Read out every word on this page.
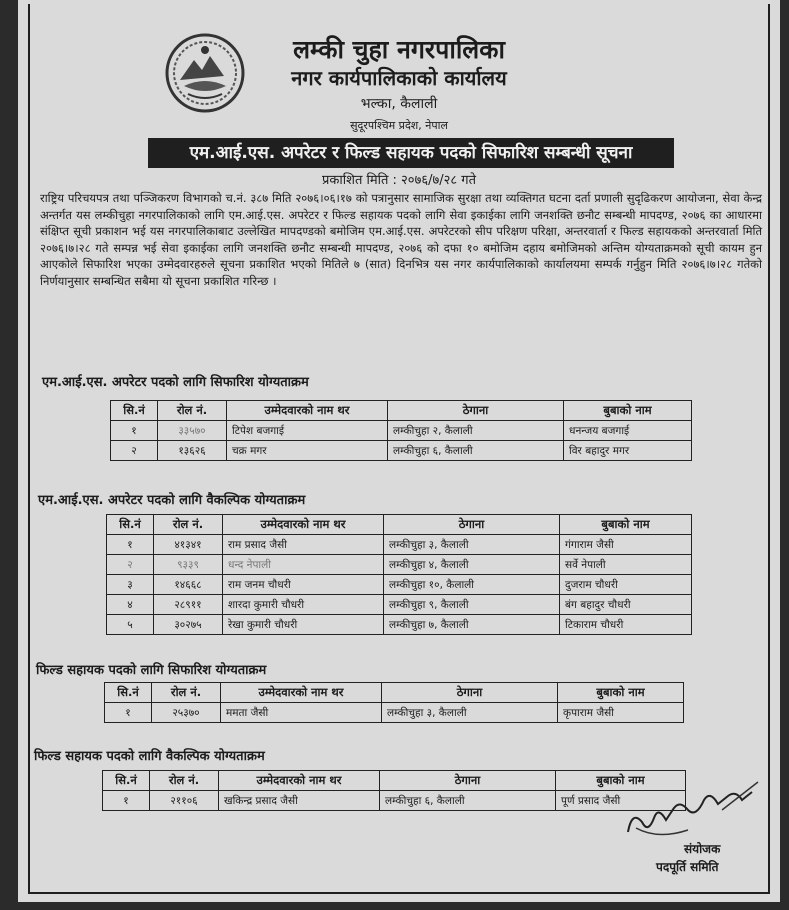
लम्की चुहा नगरपालिका
नगर कार्यपालिकाको कार्यालय
भल्का, कैलाली
सुदूरपश्चिम प्रदेश, नेपाल
एम.आई.एस. अपरेटर र फिल्ड सहायक पदको सिफारिश सम्बन्धी सूचना
प्रकाशित मिति : २०७६/७/२८ गते
राष्ट्रिय परिचयपत्र तथा पञ्जिकरण विभागको च.नं. ३८७ मिति २०७६।०६।१७ को पत्रानुसार सामाजिक सुरक्षा तथा व्यक्तिगत घटना दर्ता प्रणाली सुदृढिकरण आयोजना, सेवा केन्द्र अन्तर्गत यस लम्कीचुहा नगरपालिकाको लागि एम.आई.एस. अपरेटर र फिल्ड सहायक पदको लागि सेवा इकाईका लागि जनशक्ति छनौट सम्बन्धी मापदण्ड, २०७६ का आधारमा संक्षिप्त सूची प्रकाशन भई यस नगरपालिकाबाट उल्लेखित मापदण्डको बमोजिम एम.आई.एस. अपरेटरको सीप परिक्षण परिक्षा, अन्तरवार्ता र फिल्ड सहायकको अन्तरवार्ता मिति २०७६।७।२८ गते सम्पन्न भई सेवा इकाईका लागि जनशक्ति छनौट सम्बन्धी मापदण्ड, २०७६ को दफा १० बमोजिम दहाय बमोजिमको अन्तिम योग्यताक्रमको सूची कायम हुन आएकोले सिफारिश भएका उम्मेदवारहरुले सूचना प्रकाशित भएको मितिले ७ (सात) दिनभित्र यस नगर कार्यपालिकाको कार्यालयमा सम्पर्क गर्नुहुन मिति २०७६।७।२८ गतेको निर्णयानुसार सम्बन्धित सबैमा यो सूचना प्रकाशित गरिन्छ ।
एम.आई.एस. अपरेटर पदको लागि सिफारिश योग्यताक्रम
सि.नं	रोल नं.	उम्मेदवारको नाम थर	ठेगाना	बुबाको नाम
१	३३५७०	टिपेश बजगाई	लम्कीचुहा २, कैलाली	धनन्जय बजगाई
२	१३६२६	चक्र मगर	लम्कीचुहा ६, कैलाली	विर बहादुर मगर
एम.आई.एस. अपरेटर पदको लागि वैकल्पिक योग्यताक्रम
सि.नं	रोल नं.	उम्मेदवारको नाम थर	ठेगाना	बुबाको नाम
१	४१३४१	राम प्रसाद जैसी	लम्कीचुहा ३, कैलाली	गंगाराम जैसी
२	९३३९	धन्द नेपाली	लम्कीचुहा ४, कैलाली	सर्वे नेपाली
३	१४६६८	राम जनम चौधरी	लम्कीचुहा १०, कैलाली	दुजराम चौधरी
४	२८९११	शारदा कुमारी चौधरी	लम्कीचुहा ९, कैलाली	बंग बहादुर चौधरी
५	३०२७५	रेखा कुमारी चौधरी	लम्कीचुहा ७, कैलाली	टिकाराम चौधरी
फिल्ड सहायक पदको लागि सिफारिश योग्यताक्रम
सि.नं	रोल नं.	उम्मेदवारको नाम थर	ठेगाना	बुबाको नाम
१	२५३७०	ममता जैसी	लम्कीचुहा ३, कैलाली	कृपाराम जैसी
फिल्ड सहायक पदको लागि वैकल्पिक योग्यताक्रम
सि.नं	रोल नं.	उम्मेदवारको नाम थर	ठेगाना	बुबाको नाम
१	२११०६	खकिन्द्र प्रसाद जैसी	लम्कीचुहा ६, कैलाली	पूर्ण प्रसाद जैसी
संयोजक
पदपूर्ति समिति
